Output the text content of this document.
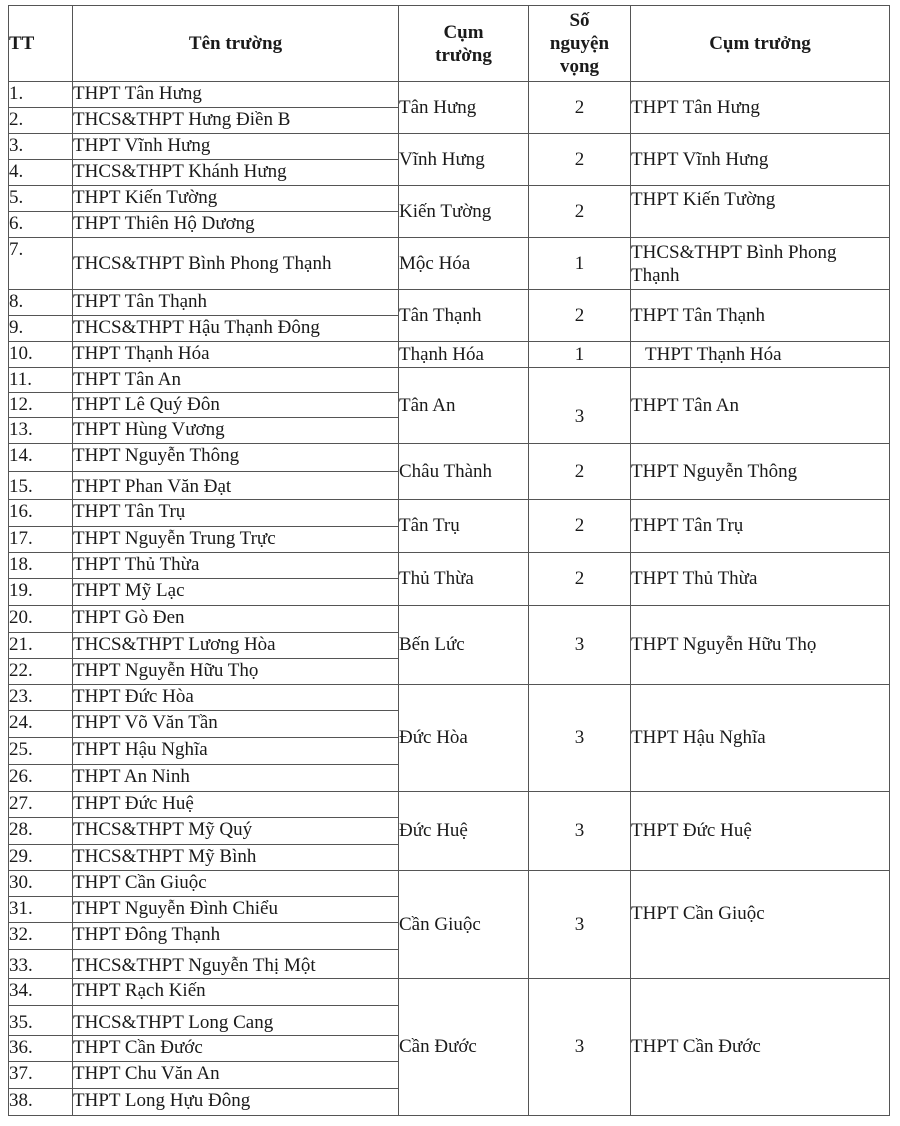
TT	Tên trường	Cụm trường	Số nguyện vọng	Cụm trưởng
1.	THPT Tân Hưng	Tân Hưng	2	THPT Tân Hưng
2.	THCS&THPT Hưng Điền B			
3.	THPT Vĩnh Hưng	Vĩnh Hưng	2	THPT Vĩnh Hưng
4.	THCS&THPT Khánh Hưng			
5.	THPT Kiến Tường	Kiến Tường	2	THPT Kiến Tường
6.	THPT Thiên Hộ Dương			
7.	THCS&THPT Bình Phong Thạnh	Mộc Hóa	1	THCS&THPT Bình Phong Thạnh
8.	THPT Tân Thạnh	Tân Thạnh	2	THPT Tân Thạnh
9.	THCS&THPT Hậu Thạnh Đông			
10.	THPT Thạnh Hóa	Thạnh Hóa	1	THPT Thạnh Hóa
11.	THPT Tân An	Tân An	3	THPT Tân An
12.	THPT Lê Quý Đôn			
13.	THPT Hùng Vương			
14.	THPT Nguyễn Thông	Châu Thành	2	THPT Nguyễn Thông
15.	THPT Phan Văn Đạt			
16.	THPT Tân Trụ	Tân Trụ	2	THPT Tân Trụ
17.	THPT Nguyễn Trung Trực			
18.	THPT Thủ Thừa	Thủ Thừa	2	THPT Thủ Thừa
19.	THPT Mỹ Lạc			
20.	THPT Gò Đen	Bến Lức	3	THPT Nguyễn Hữu Thọ
21.	THCS&THPT Lương Hòa			
22.	THPT Nguyễn Hữu Thọ			
23.	THPT Đức Hòa	Đức Hòa	3	THPT Hậu Nghĩa
24.	THPT Võ Văn Tần			
25.	THPT Hậu Nghĩa			
26.	THPT An Ninh			
27.	THPT Đức Huệ	Đức Huệ	3	THPT Đức Huệ
28.	THCS&THPT Mỹ Quý			
29.	THCS&THPT Mỹ Bình			
30.	THPT Cần Giuộc	Cần Giuộc	3	THPT Cần Giuộc
31.	THPT Nguyễn Đình Chiểu			
32.	THPT Đông Thạnh			
33.	THCS&THPT Nguyễn Thị Một			
34.	THPT Rạch Kiến	Cần Đước	3	THPT Cần Đước
35.	THCS&THPT Long Cang			
36.	THPT Cần Đước			
37.	THPT Chu Văn An			
38.	THPT Long Hựu Đông			
